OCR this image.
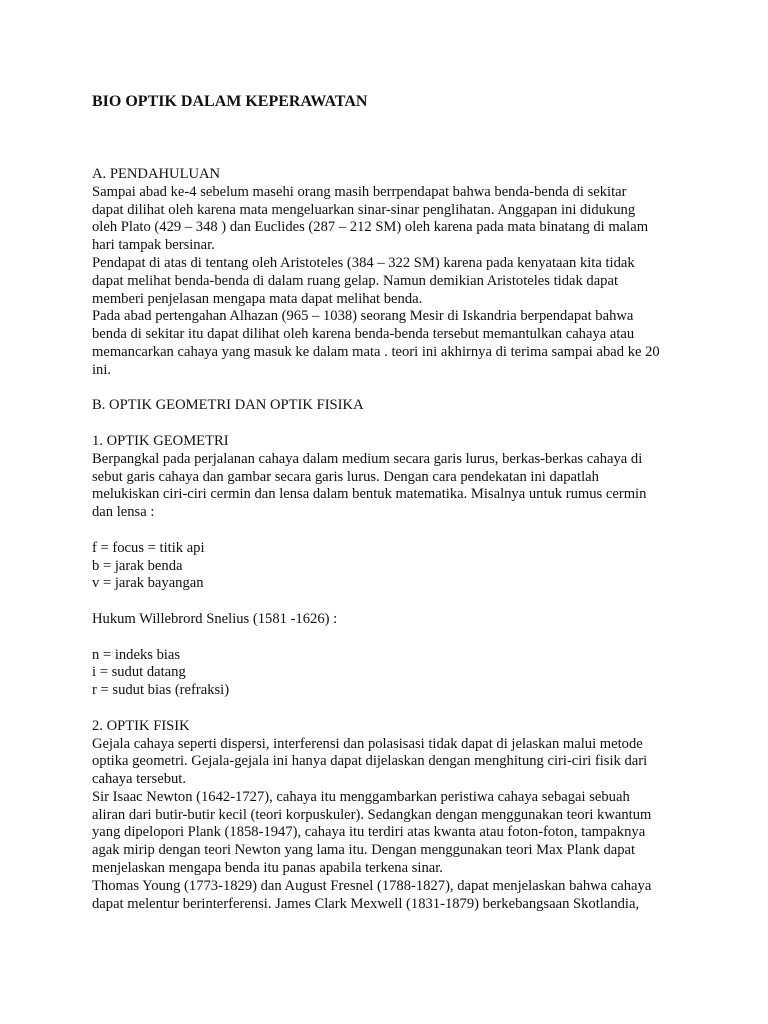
BIO OPTIK DALAM KEPERAWATAN

A. PENDAHULUAN

Sampai abad ke-4 sebelum masehi orang masih berrpendapat bahwa benda-benda di sekitar

dapat dilihat oleh karena mata mengeluarkan sinar-sinar penglihatan. Anggapan ini didukung

oleh Plato (429 – 348 ) dan Euclides (287 – 212 SM) oleh karena pada mata binatang di malam

hari tampak bersinar.

Pendapat di atas di tentang oleh Aristoteles (384 – 322 SM) karena pada kenyataan kita tidak

dapat melihat benda-benda di dalam ruang gelap. Namun demikian Aristoteles tidak dapat

memberi penjelasan mengapa mata dapat melihat benda.

Pada abad pertengahan Alhazan (965 – 1038) seorang Mesir di Iskandria berpendapat bahwa

benda di sekitar itu dapat dilihat oleh karena benda-benda tersebut memantulkan cahaya atau

memancarkan cahaya yang masuk ke dalam mata . teori ini akhirnya di terima sampai abad ke 20

ini.

B. OPTIK GEOMETRI DAN OPTIK FISIKA

1. OPTIK GEOMETRI

Berpangkal pada perjalanan cahaya dalam medium secara garis lurus, berkas-berkas cahaya di

sebut garis cahaya dan gambar secara garis lurus. Dengan cara pendekatan ini dapatlah

melukiskan ciri-ciri cermin dan lensa dalam bentuk matematika. Misalnya untuk rumus cermin

dan lensa :

f = focus = titik api

b = jarak benda

v = jarak bayangan

Hukum Willebrord Snelius (1581 -1626) :

n = indeks bias

i = sudut datang

r = sudut bias (refraksi)

2. OPTIK FISIK

Gejala cahaya seperti dispersi, interferensi dan polasisasi tidak dapat di jelaskan malui metode

optika geometri. Gejala-gejala ini hanya dapat dijelaskan dengan menghitung ciri-ciri fisik dari

cahaya tersebut.

Sir Isaac Newton (1642-1727), cahaya itu menggambarkan peristiwa cahaya sebagai sebuah

aliran dari butir-butir kecil (teori korpuskuler). Sedangkan dengan menggunakan teori kwantum

yang dipelopori Plank (1858-1947), cahaya itu terdiri atas kwanta atau foton-foton, tampaknya

agak mirip dengan teori Newton yang lama itu. Dengan menggunakan teori Max Plank dapat

menjelaskan mengapa benda itu panas apabila terkena sinar.

Thomas Young (1773-1829) dan August Fresnel (1788-1827), dapat menjelaskan bahwa cahaya

dapat melentur berinterferensi. James Clark Mexwell (1831-1879) berkebangsaan Skotlandia,
